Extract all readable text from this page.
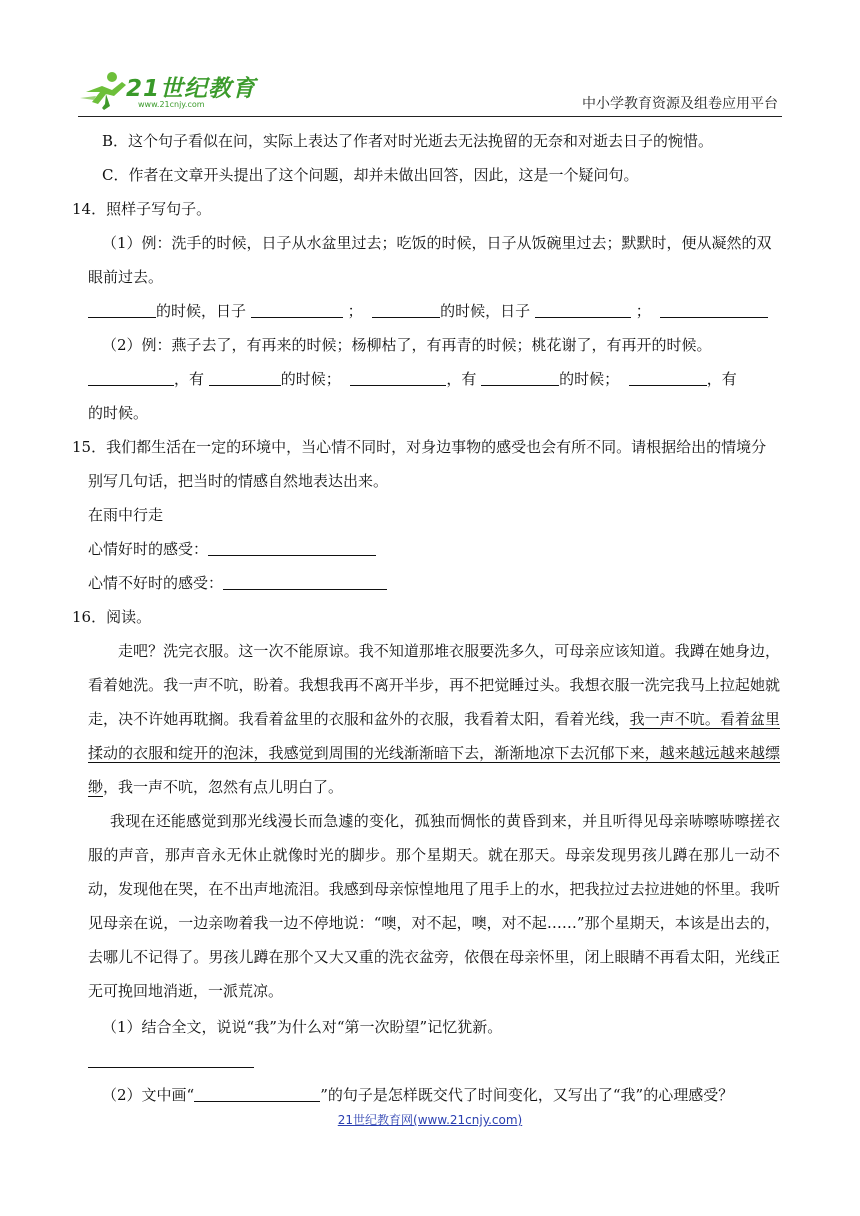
21世纪教育
www.21cnjy.com	中小学教育资源及组卷应用平台
B．这个句子看似在问，实际上表达了作者对时光逝去无法挽留的无奈和对逝去日子的惋惜。
C．作者在文章开头提出了这个问题，却并未做出回答，因此，这是一个疑问句。
14．照样子写句子。
（1）例：洗手的时候，日子从水盆里过去；吃饭的时候，日子从饭碗里过去；默默时，便从凝然的双
眼前过去。
的时候，日子	；	的时候，日子	；
（2）例：燕子去了，有再来的时候；杨柳枯了，有再青的时候；桃花谢了，有再开的时候。
，有	的时候；	，有	的时候；	，有
的时候。
15．我们都生活在一定的环境中，当心情不同时，对身边事物的感受也会有所不同。请根据给出的情境分
别写几句话，把当时的情感自然地表达出来。
在雨中行走
心情好时的感受：
心情不好时的感受：
16．阅读。
走吧？洗完衣服。这一次不能原谅。我不知道那堆衣服要洗多久，可母亲应该知道。我蹲在她身边，看着她洗。我一声不吭，盼着。我想我再不离开半步，再不把觉睡过头。我想衣服一洗完我马上拉起她就走，决不许她再耽搁。我看着盆里的衣服和盆外的衣服，我看着太阳，看着光线，我一声不吭。看着盆里揉动的衣服和绽开的泡沫，我感觉到周围的光线渐渐暗下去，渐渐地凉下去沉郁下来，越来越远越来越缥缈，我一声不吭，忽然有点儿明白了。
我现在还能感觉到那光线漫长而急遽的变化，孤独而惆怅的黄昏到来，并且听得见母亲哧嚓哧嚓搓衣服的声音，那声音永无休止就像时光的脚步。那个星期天。就在那天。母亲发现男孩儿蹲在那儿一动不动，发现他在哭，在不出声地流泪。我感到母亲惊惶地甩了甩手上的水，把我拉过去拉进她的怀里。我听见母亲在说，一边亲吻着我一边不停地说：“噢，对不起，噢，对不起……”那个星期天，本该是出去的，去哪儿不记得了。男孩儿蹲在那个又大又重的洗衣盆旁，依偎在母亲怀里，闭上眼睛不再看太阳，光线正无可挽回地消逝，一派荒凉。
（1）结合全文，说说“我”为什么对“第一次盼望”记忆犹新。
（2）文中画“	”的句子是怎样既交代了时间变化，又写出了“我”的心理感受？
21世纪教育网(www.21cnjy.com)
